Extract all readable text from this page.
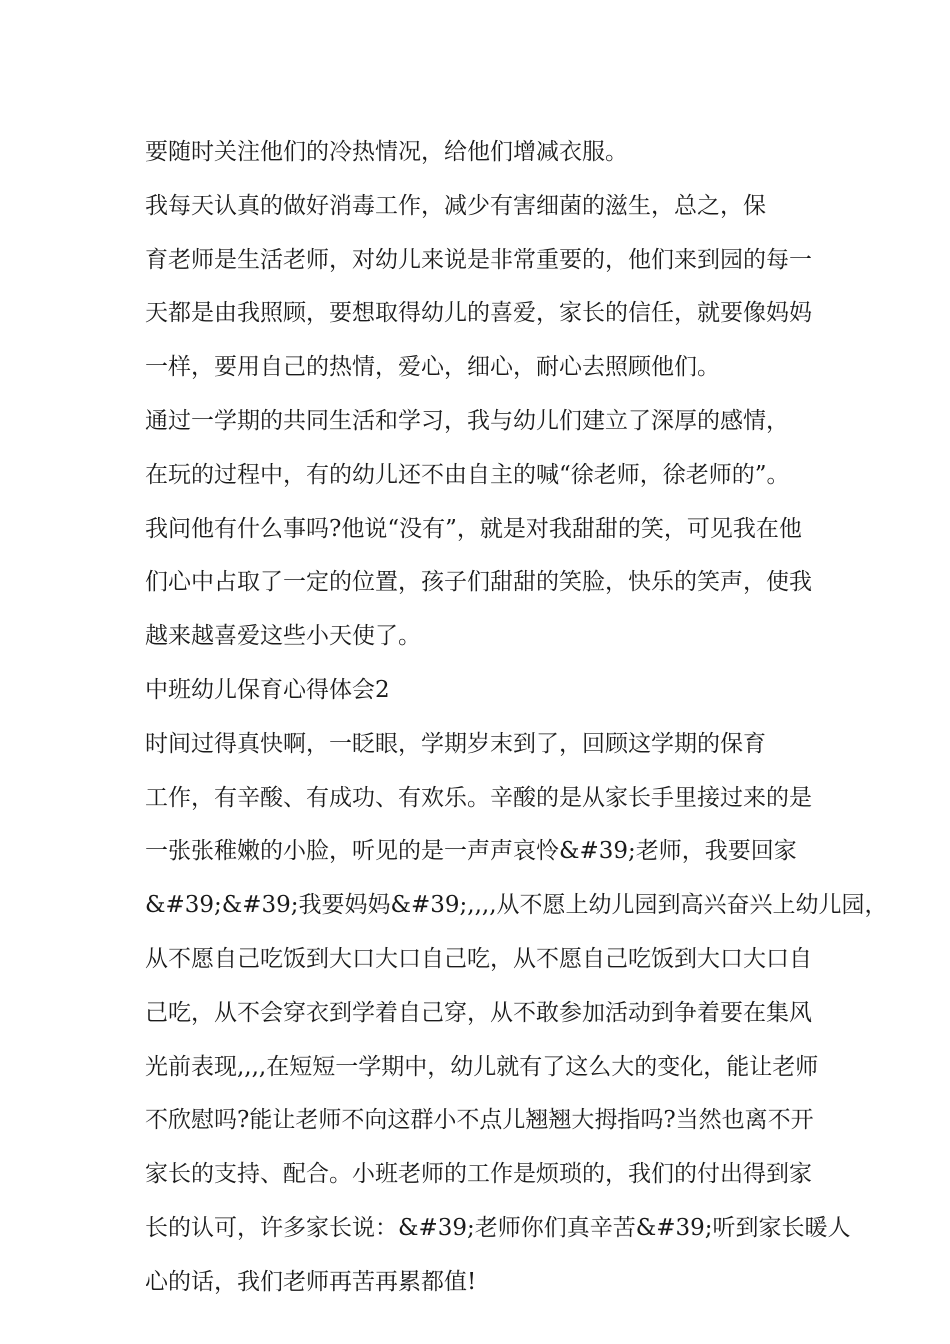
要随时关注他们的冷热情况，给他们增减衣服。
我每天认真的做好消毒工作，减少有害细菌的滋生，总之，保
育老师是生活老师，对幼儿来说是非常重要的，他们来到园的每一
天都是由我照顾，要想取得幼儿的喜爱，家长的信任，就要像妈妈
一样，要用自己的热情，爱心，细心，耐心去照顾他们。
通过一学期的共同生活和学习，我与幼儿们建立了深厚的感情，
在玩的过程中，有的幼儿还不由自主的喊“徐老师，徐老师的”。
我问他有什么事吗?他说“没有”，就是对我甜甜的笑，可见我在他
们心中占取了一定的位置，孩子们甜甜的笑脸，快乐的笑声，使我
越来越喜爱这些小天使了。
中班幼儿保育心得体会2
时间过得真快啊，一眨眼，学期岁末到了，回顾这学期的保育
工作，有辛酸、有成功、有欢乐。辛酸的是从家长手里接过来的是
一张张稚嫩的小脸，听见的是一声声哀怜&#39;老师，我要回家
&#39;&#39;我要妈妈&#39;,,,,从不愿上幼儿园到高兴奋兴上幼儿园，
从不愿自己吃饭到大口大口自己吃，从不愿自己吃饭到大口大口自
己吃，从不会穿衣到学着自己穿，从不敢参加活动到争着要在集风
光前表现,,,,在短短一学期中，幼儿就有了这么大的变化，能让老师
不欣慰吗?能让老师不向这群小不点儿翘翘大拇指吗?当然也离不开
家长的支持、配合。小班老师的工作是烦琐的，我们的付出得到家
长的认可，许多家长说：&#39;老师你们真辛苦&#39;听到家长暖人
心的话，我们老师再苦再累都值!
